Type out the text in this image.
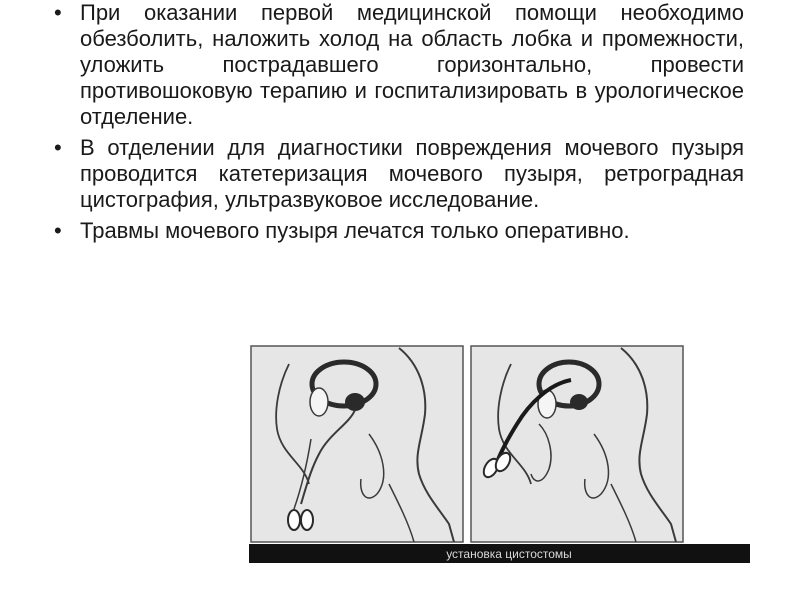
• При оказании первой медицинской помощи необходимо обезболить, наложить холод на область лобка и промежности, уложить пострадавшего горизонтально, провести противошоковую терапию и госпитализировать в урологическое отделение.
• В отделении для диагностики повреждения мочевого пузыря проводится катетеризация мочевого пузыря, ретроградная цистография, ультразвуковое исследование.
• Травмы мочевого пузыря лечатся только оперативно.
установка цистостомы
